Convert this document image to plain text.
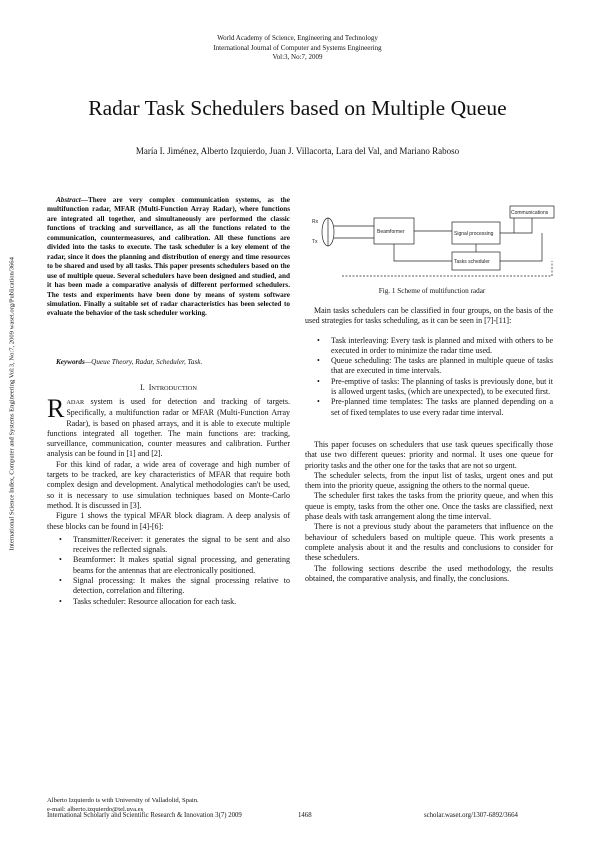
World Academy of Science, Engineering and Technology
International Journal of Computer and Systems Engineering
Vol:3, No:7, 2009
Radar Task Schedulers based on Multiple Queue
María I. Jiménez, Alberto Izquierdo, Juan J. Villacorta, Lara del Val, and Mariano Raboso
International Science Index, Computer and Systems Engineering Vol:3, No:7, 2009 waset.org/Publication/3664
Abstract—There are very complex communication systems, as the multifunction radar, MFAR (Multi-Function Array Radar), where functions are integrated all together, and simultaneously are performed the classic functions of tracking and surveillance, as all the functions related to the communication, countermeasures, and calibration. All these functions are divided into the tasks to execute. The task scheduler is a key element of the radar, since it does the planning and distribution of energy and time resources to be shared and used by all tasks. This paper presents schedulers based on the use of multiple queue. Several schedulers have been designed and studied, and it has been made a comparative analysis of different performed schedulers. The tests and experiments have been done by means of system software simulation. Finally a suitable set of radar characteristics has been selected to evaluate the behavior of the task scheduler working.
Keywords—Queue Theory, Radar, Scheduler, Task.
I. INTRODUCTION

RADAR system is used for detection and tracking of targets. Specifically, a multifunction radar or MFAR (Multi-Function Array Radar), is based on phased arrays, and it is able to execute multiple functions integrated all together. The main functions are: tracking, surveillance, communication, counter measures and calibration. Further analysis can be found in [1] and [2].

For this kind of radar, a wide area of coverage and high number of targets to be tracked, are key characteristics of MFAR that require both complex design and development. Analytical methodologies can't be used, so it is necessary to use simulation techniques based on Monte-Carlo method. It is discussed in [3].

Figure 1 shows the typical MFAR block diagram. A deep analysis of these blocks can be found in [4]-[6]:

• Transmitter/Receiver: it generates the signal to be sent and also receives the reflected signals.
• Beamformer: It makes spatial signal processing, and generating beams for the antennas that are electronically positioned.
• Signal processing: It makes the signal processing relative to detection, correlation and filtering.
• Tasks scheduler: Resource allocation for each task.
Alberto Izquierdo is with University of Valladolid, Spain.
e-mail: alberto.izquierdo@tel.uva.es
Rx
Tx
Beamformer	Signal processing
Tasks scheduler
Communications
Fig. 1 Scheme of multifunction radar

Main tasks schedulers can be classified in four groups, on the basis of the used strategies for tasks scheduling, as it can be seen in [7]-[11]:

• Task interleaving: Every task is planned and mixed with others to be executed in order to minimize the radar time used.
• Queue scheduling: The tasks are planned in multiple queue of tasks that are executed in time intervals.
• Pre-emptive of tasks: The planning of tasks is previously done, but it is allowed urgent tasks, (which are unexpected), to be executed first.
• Pre-planned time templates: The tasks are planned depending on a set of fixed templates to use every radar time interval.

This paper focuses on schedulers that use task queues specifically those that use two different queues: priority and normal. It uses one queue for priority tasks and the other one for the tasks that are not so urgent.

The scheduler selects, from the input list of tasks, urgent ones and put them into the priority queue, assigning the others to the normal queue.

The scheduler first takes the tasks from the priority queue, and when this queue is empty, tasks from the other one. Once the tasks are classified, next phase deals with task arrangement along the time interval.

There is not a previous study about the parameters that influence on the behaviour of schedulers based on multiple queue. This work presents a complete analysis about it and the results and conclusions to consider for these schedulers.

The following sections describe the used methodology, the results obtained, the comparative analysis, and finally, the conclusions.

International Scholarly and Scientific Research & Innovation 3(7) 2009	1468	scholar.waset.org/1307-6892/3664
